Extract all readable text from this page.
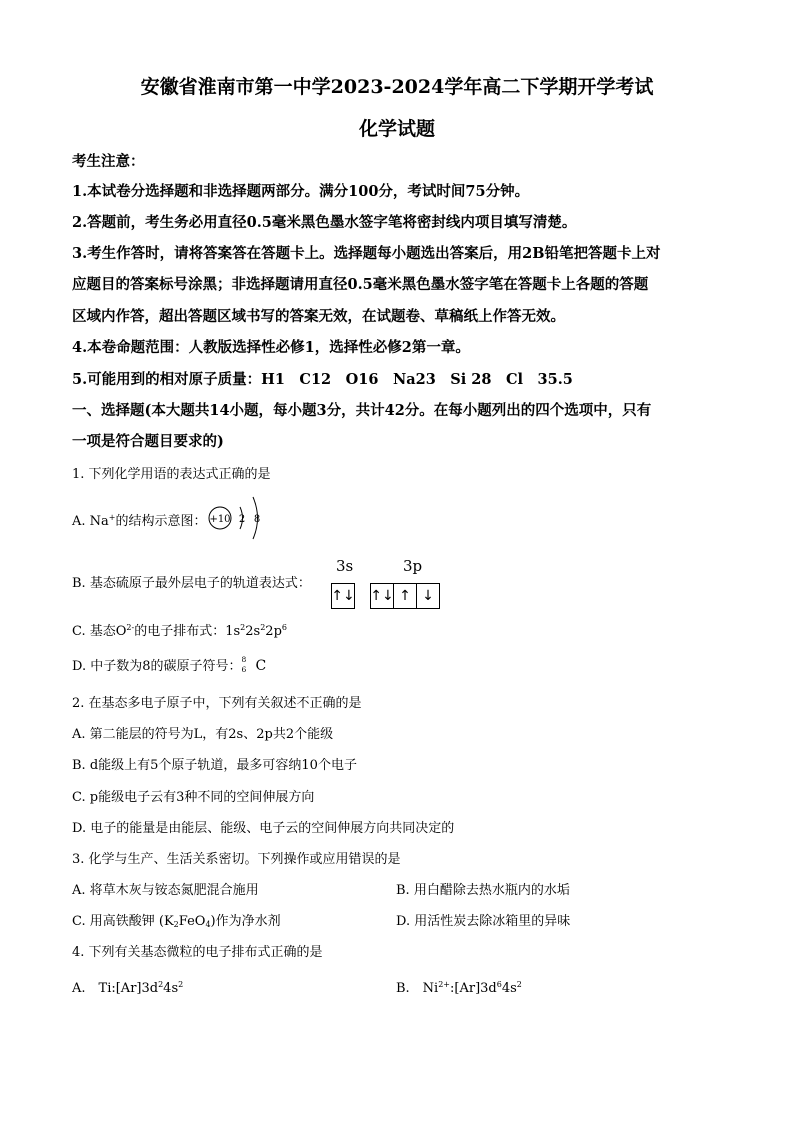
安徽省淮南市第一中学2023-2024学年高二下学期开学考试
化学试题
考生注意：
1.本试卷分选择题和非选择题两部分。满分100分，考试时间75分钟。
2.答题前，考生务必用直径0.5毫米黑色墨水签字笔将密封线内项目填写清楚。
3.考生作答时，请将答案答在答题卡上。选择题每小题选出答案后，用2B铅笔把答题卡上对
应题目的答案标号涂黑；非选择题请用直径0.5毫米黑色墨水签字笔在答题卡上各题的答题
区域内作答，超出答题区域书写的答案无效，在试题卷、草稿纸上作答无效。
4.本卷命题范围：人教版选择性必修1，选择性必修2第一章。
5.可能用到的相对原子质量：H1　C12　O16　Na23　Si 28　Cl　35.5
一、选择题(本大题共14小题，每小题3分，共计42分。在每小题列出的四个选项中，只有
一项是符合题目要求的)
1. 下列化学用语的表达式正确的是
A. Na+的结构示意图： +10 2 8
B. 基态硫原子最外层电子的轨道表达式：
3s	3p
↑↓ ↑↓ ↑ ↓
C. 基态$O^{2-}$的电子排布式：$1s^22s^22p^6$
D. 中子数为8的碳原子符号： 8
6 C
2. 在基态多电子原子中，下列有关叙述不正确的是
A. 第二能层的符号为L，有2s、2p共2个能级
B. d能级上有5个原子轨道，最多可容纳10个电子
C. p能级电子云有3种不同的空间伸展方向
D. 电子的能量是由能层、能级、电子云的空间伸展方向共同决定的
3. 化学与生产、生活关系密切。下列操作或应用错误的是
A. 将草木灰与铵态氮肥混合施用	B. 用白醋除去热水瓶内的水垢
C. 用高铁酸钾 $(K_2FeO_4)$作为净水剂	D. 用活性炭去除冰箱里的异味
4. 下列有关基态微粒的电子排布式正确的是
A.　$Ti:[Ar]3d^24s^2$	B.　$Ni^{2+}:[Ar]3d^64s^2$
